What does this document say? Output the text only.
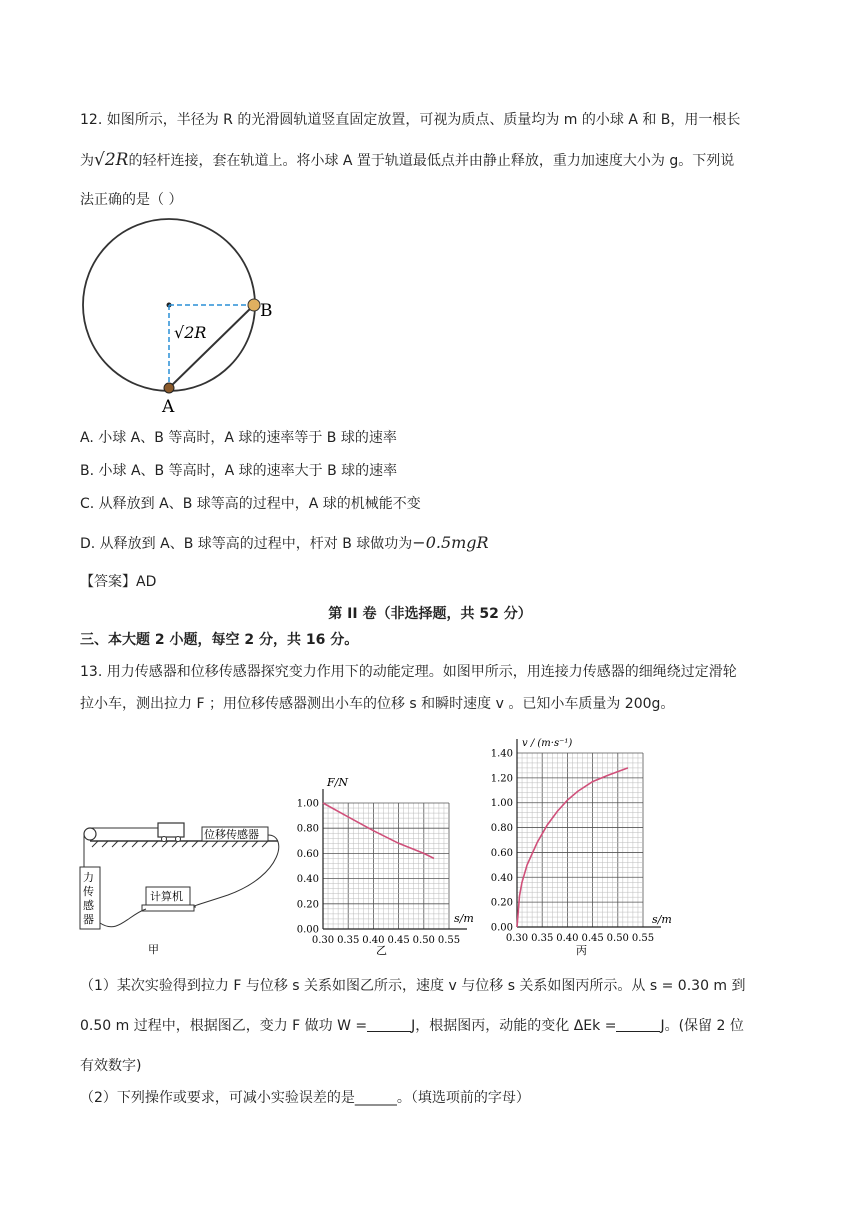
12. 如图所示，半径为 R 的光滑圆轨道竖直固定放置，可视为质点、质量均为 m 的小球 A 和 B，用一根长
为√2R的轻杆连接，套在轨道上。将小球 A 置于轨道最低点并由静止释放，重力加速度大小为 g。下列说
法正确的是（ ）
√2R
B
A
A. 小球 A、B 等高时，A 球的速率等于 B 球的速率
B. 小球 A、B 等高时，A 球的速率大于 B 球的速率
C. 从释放到 A、B 球等高的过程中，A 球的机械能不变
D. 从释放到 A、B 球等高的过程中，杆对 B 球做功为−0.5mgR
【答案】AD
第 II 卷（非选择题，共 52 分）
三、本大题 2 小题，每空 2 分，共 16 分。
13. 用力传感器和位移传感器探究变力作用下的动能定理。如图甲所示，用连接力传感器的细绳绕过定滑轮
拉小车，测出拉力 F ；用位移传感器测出小车的位移 s 和瞬时速度 v 。已知小车质量为 200g。
位移传感器
力
传
感
器
计算机
甲
1.00
0.80
0.60
0.40
0.20
0.00
0.30 0.35 0.40 0.45 0.50 0.55
F/N
s/m
乙
1.40
1.20
1.00
0.80
0.60
0.40
0.20
0.00
0.30 0.35 0.40 0.45 0.50 0.55
v / (m·s⁻¹)
s/m
丙
（1）某次实验得到拉力 F 与位移 s 关系如图乙所示，速度 v 与位移 s 关系如图丙所示。从 s = 0.30 m 到
0.50 m 过程中，根据图乙，变力 F 做功 W =	J，根据图丙，动能的变化 ΔEk =	J。(保留 2 位
有效数字)
（2）下列操作或要求，可减小实验误差的是______。（填选项前的字母）
